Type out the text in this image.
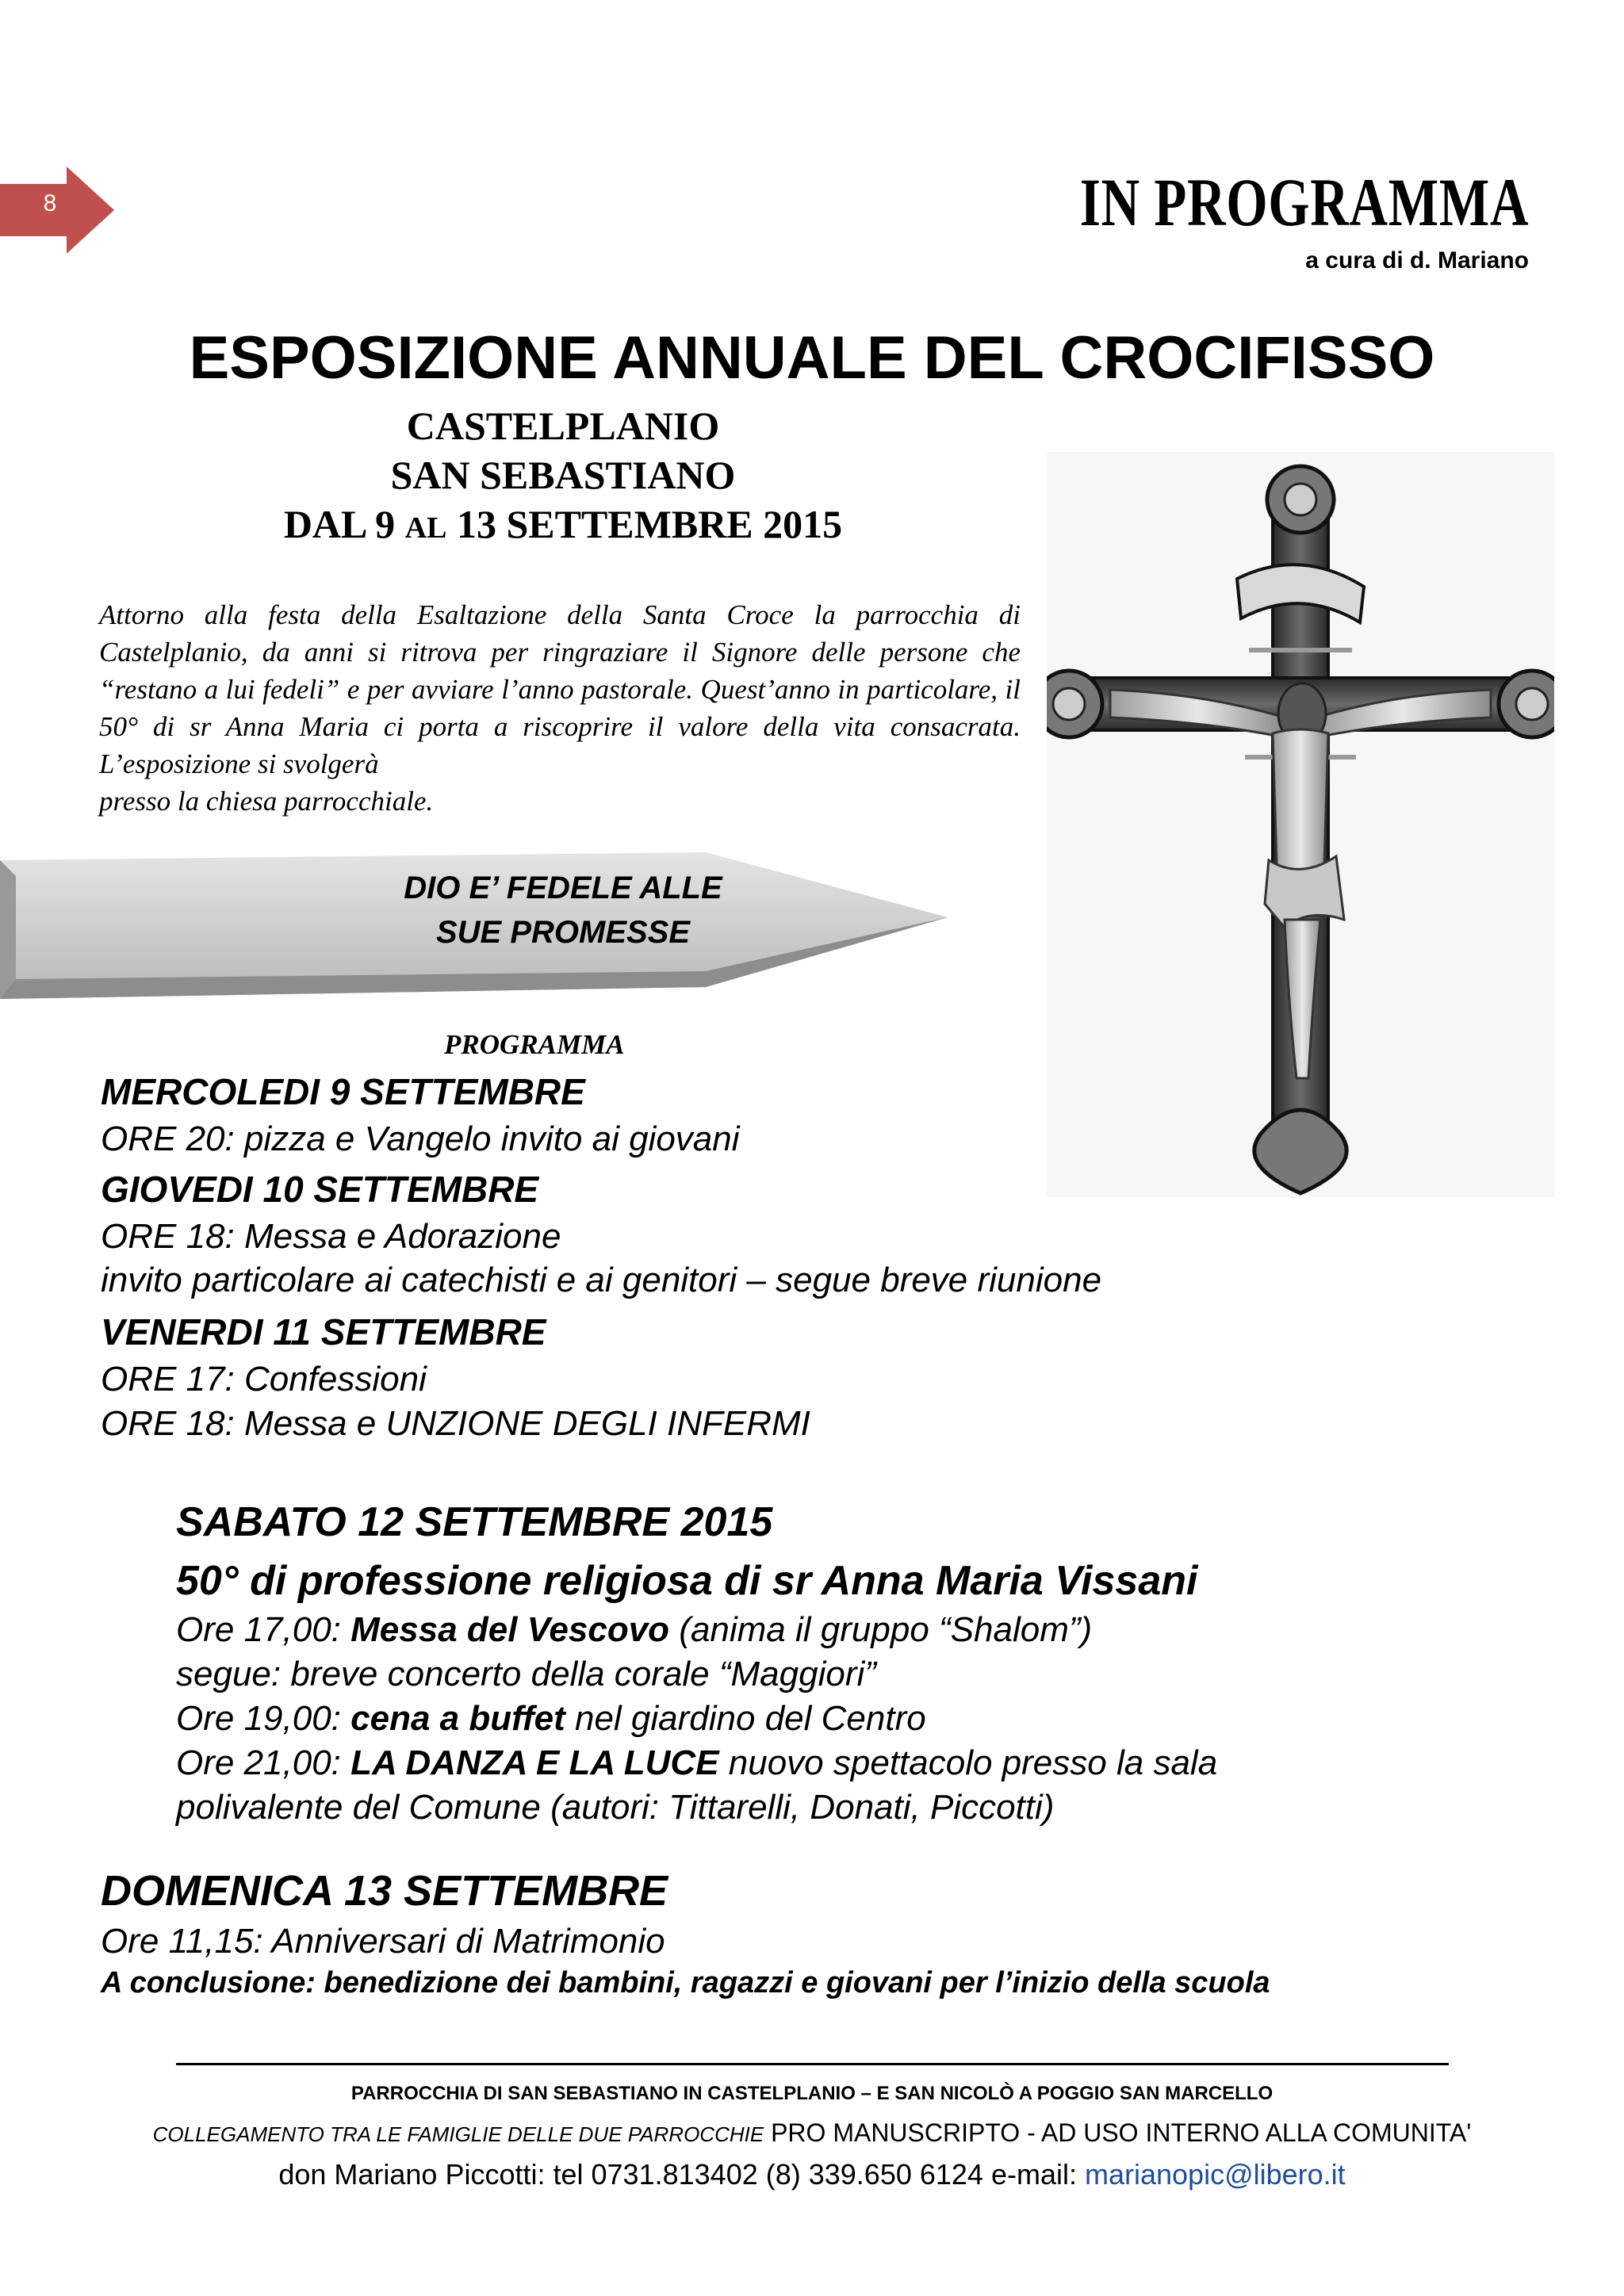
8	IN PROGRAMMA
a cura di d. Mariano
ESPOSIZIONE ANNUALE DEL CROCIFISSO
CASTELPLANIO
SAN SEBASTIANO
DAL 9 AL 13 SETTEMBRE 2015

Attorno alla festa della Esaltazione della Santa Croce la parrocchia di Castelplanio, da anni si ritrova per ringraziare il Signore delle persone che “restano a lui fedeli” e per avviare l’anno pastorale. Quest’anno in particolare, il 50° di sr Anna Maria ci porta a riscoprire il valore della vita consacrata. L’esposizione si svolgerà

presso la chiesa parrocchiale.

DIO E’ FEDELE ALLE
SUE PROMESSE
PROGRAMMA
MERCOLEDI 9 SETTEMBRE
ORE 20: pizza e Vangelo invito ai giovani
GIOVEDI 10 SETTEMBRE
ORE 18: Messa e Adorazione
invito particolare ai catechisti e ai genitori – segue breve riunione
VENERDI 11 SETTEMBRE
ORE 17: Confessioni
ORE 18: Messa e UNZIONE DEGLI INFERMI
SABATO 12 SETTEMBRE 2015
50° di professione religiosa di sr Anna Maria Vissani
Ore 17,00: Messa del Vescovo (anima il gruppo “Shalom”)
segue: breve concerto della corale “Maggiori”
Ore 19,00: cena a buffet nel giardino del Centro
Ore 21,00: LA DANZA E LA LUCE nuovo spettacolo presso la sala
polivalente del Comune (autori: Tittarelli, Donati, Piccotti)
DOMENICA 13 SETTEMBRE
Ore 11,15: Anniversari di Matrimonio
A conclusione: benedizione dei bambini, ragazzi e giovani per l’inizio della scuola
PARROCCHIA DI SAN SEBASTIANO IN CASTELPLANIO – E SAN NICOLÒ A POGGIO SAN MARCELLO
COLLEGAMENTO TRA LE FAMIGLIE DELLE DUE PARROCCHIE PRO MANUSCRIPTO - AD USO INTERNO ALLA COMUNITA'
don Mariano Piccotti: tel 0731.813402 (8) 339.650 6124 e-mail: marianopic@libero.it
